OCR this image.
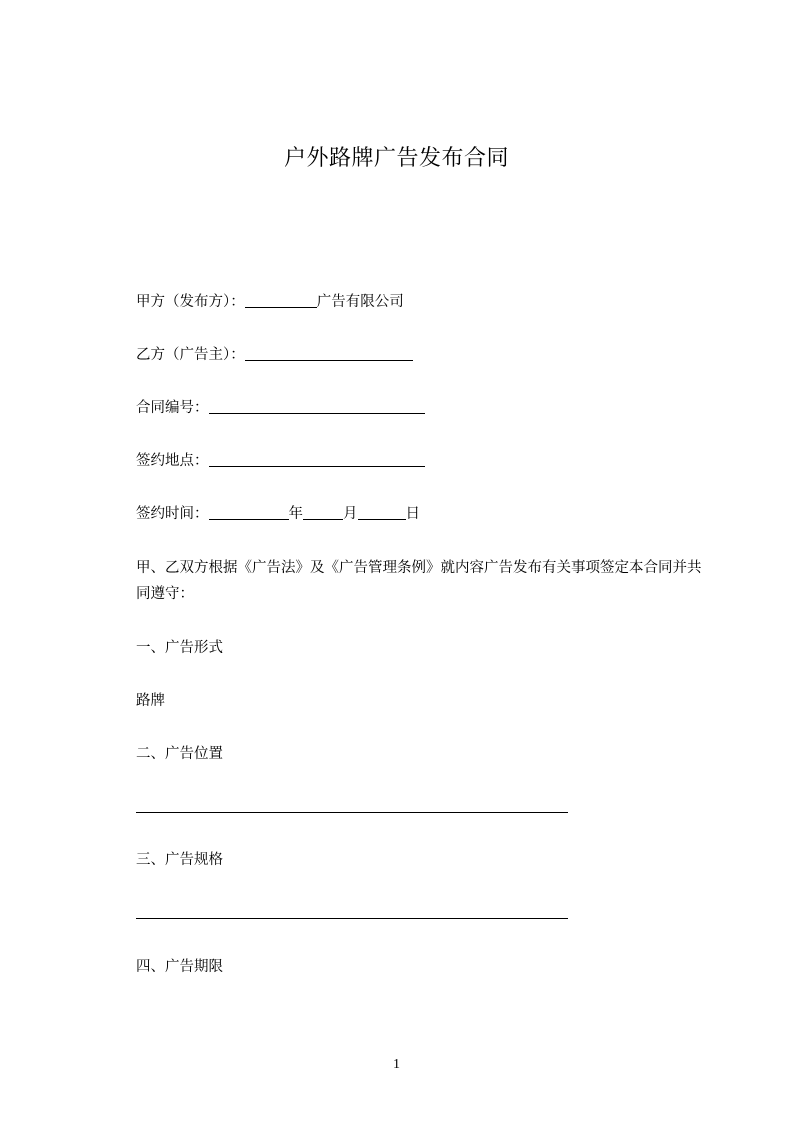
户外路牌广告发布合同
甲方（发布方）：	广告有限公司
乙方（广告主）：
合同编号：
签约地点：
签约时间：	年	月	日
甲、乙双方根据《广告法》及《广告管理条例》就内容广告发布有关事项签定本合同并共同遵守：
一、广告形式
路牌
二、广告位置
三、广告规格
四、广告期限
1
